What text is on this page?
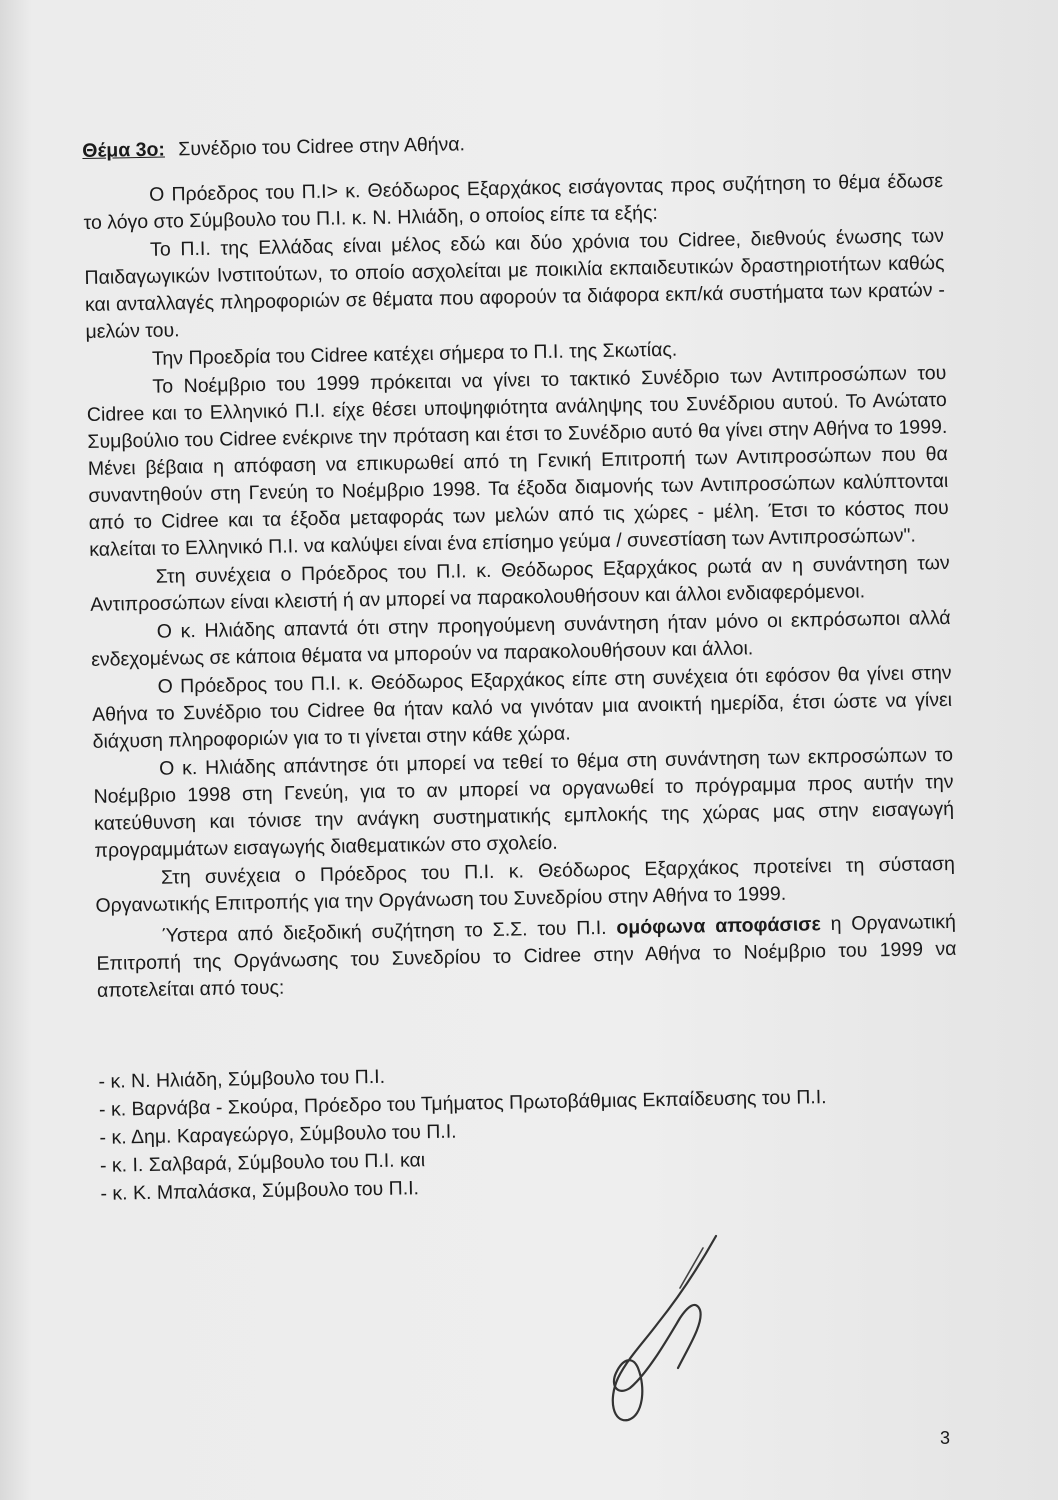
Θέμα 3ο: Συνέδριο του Cidree στην Αθήνα.

Ο Πρόεδρος του Π.Ι> κ. Θεόδωρος Εξαρχάκος εισάγοντας προς συζήτηση το θέμα έδωσε το λόγο στο Σύμβουλο του Π.Ι. κ. Ν. Ηλιάδη, ο οποίος είπε τα εξής:

Το Π.Ι. της Ελλάδας είναι μέλος εδώ και δύο χρόνια του Cidree, διεθνούς ένωσης των Παιδαγωγικών Ινστιτούτων, το οποίο ασχολείται με ποικιλία εκπαιδευτικών δραστηριοτήτων καθώς και ανταλλαγές πληροφοριών σε θέματα που αφορούν τα διάφορα εκπ/κά συστήματα των κρατών - μελών του.

Την Προεδρία του Cidree κατέχει σήμερα το Π.Ι. της Σκωτίας.

Το Νοέμβριο του 1999 πρόκειται να γίνει το τακτικό Συνέδριο των Αντιπροσώπων του Cidree και το Ελληνικό Π.Ι. είχε θέσει υποψηφιότητα ανάληψης του Συνέδριου αυτού. Το Ανώτατο Συμβούλιο του Cidree ενέκρινε την πρόταση και έτσι το Συνέδριο αυτό θα γίνει στην Αθήνα το 1999. Μένει βέβαια η απόφαση να επικυρωθεί από τη Γενική Επιτροπή των Αντιπροσώπων που θα συναντηθούν στη Γενεύη το Νοέμβριο 1998. Τα έξοδα διαμονής των Αντιπροσώπων καλύπτονται από το Cidree και τα έξοδα μεταφοράς των μελών από τις χώρες - μέλη. Έτσι το κόστος που καλείται το Ελληνικό Π.Ι. να καλύψει είναι ένα επίσημο γεύμα / συνεστίαση των Αντιπροσώπων".

Στη συνέχεια ο Πρόεδρος του Π.Ι. κ. Θεόδωρος Εξαρχάκος ρωτά αν η συνάντηση των Αντιπροσώπων είναι κλειστή ή αν μπορεί να παρακολουθήσουν και άλλοι ενδιαφερόμενοι.

Ο κ. Ηλιάδης απαντά ότι στην προηγούμενη συνάντηση ήταν μόνο οι εκπρόσωποι αλλά ενδεχομένως σε κάποια θέματα να μπορούν να παρακολουθήσουν και άλλοι.

Ο Πρόεδρος του Π.Ι. κ. Θεόδωρος Εξαρχάκος είπε στη συνέχεια ότι εφόσον θα γίνει στην Αθήνα το Συνέδριο του Cidree θα ήταν καλό να γινόταν μια ανοικτή ημερίδα, έτσι ώστε να γίνει διάχυση πληροφοριών για το τι γίνεται στην κάθε χώρα.

Ο κ. Ηλιάδης απάντησε ότι μπορεί να τεθεί το θέμα στη συνάντηση των εκπροσώπων το Νοέμβριο 1998 στη Γενεύη, για το αν μπορεί να οργανωθεί το πρόγραμμα προς αυτήν την κατεύθυνση και τόνισε την ανάγκη συστηματικής εμπλοκής της χώρας μας στην εισαγωγή προγραμμάτων εισαγωγής διαθεματικών στο σχολείο.

Στη συνέχεια ο Πρόεδρος του Π.Ι. κ. Θεόδωρος Εξαρχάκος προτείνει τη σύσταση Οργανωτικής Επιτροπής για την Οργάνωση του Συνεδρίου στην Αθήνα το 1999.

Ύστερα από διεξοδική συζήτηση το Σ.Σ. του Π.Ι. ομόφωνα αποφάσισε η Οργανωτική Επιτροπή της Οργάνωσης του Συνεδρίου το Cidree στην Αθήνα το Νοέμβριο του 1999 να αποτελείται από τους:

- κ. Ν. Ηλιάδη, Σύμβουλο του Π.Ι.
- κ. Βαρνάβα - Σκούρα, Πρόεδρο του Τμήματος Πρωτοβάθμιας Εκπαίδευσης του Π.Ι.
- κ. Δημ. Καραγεώργο, Σύμβουλο του Π.Ι.
- κ. Ι. Σαλβαρά, Σύμβουλο του Π.Ι. και
- κ. Κ. Μπαλάσκα, Σύμβουλο του Π.Ι.
3
